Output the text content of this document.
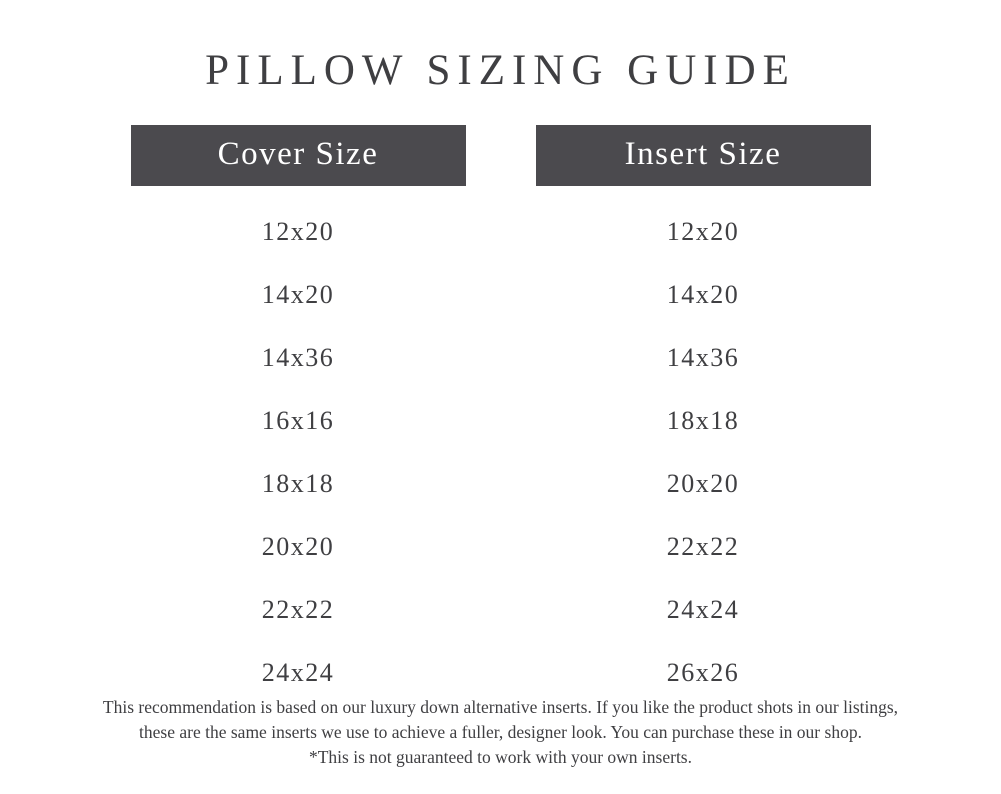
PILLOW SIZING GUIDE
Cover Size
12x20
14x20
14x36
16x16
18x18
20x20
22x22
24x24
Insert Size
12x20
14x20
14x36
18x18
20x20
22x22
24x24
26x26
This recommendation is based on our luxury down alternative inserts. If you like the product shots in our listings,
these are the same inserts we use to achieve a fuller, designer look. You can purchase these in our shop.
*This is not guaranteed to work with your own inserts.
